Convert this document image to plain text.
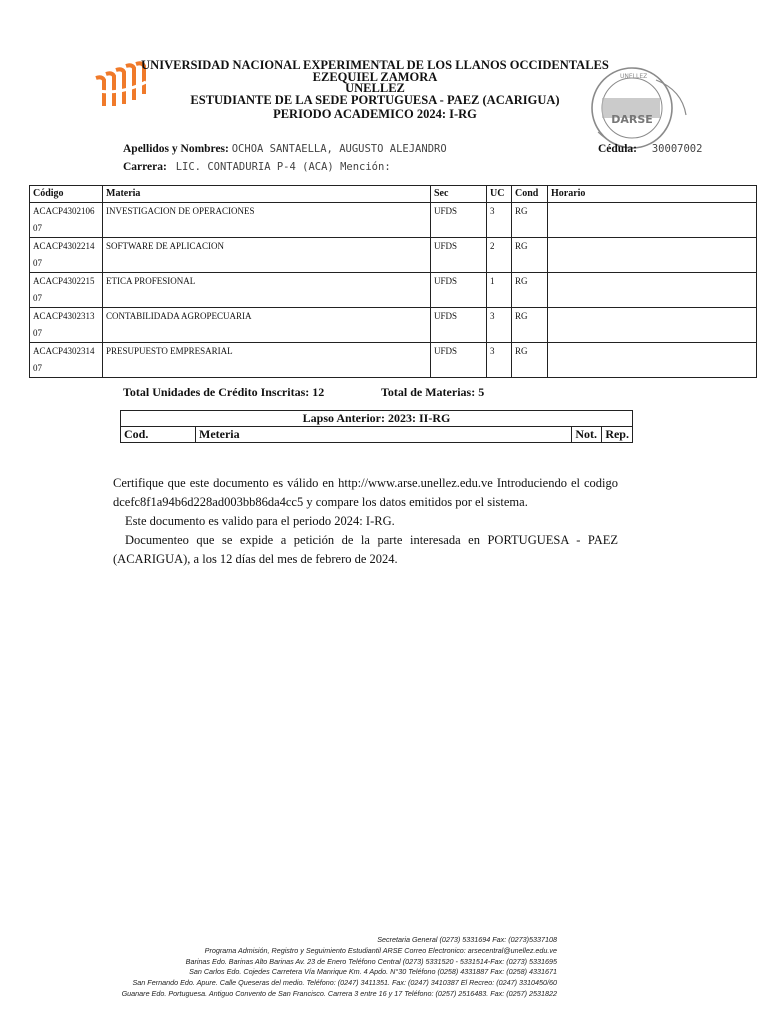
UNIVERSIDAD NACIONAL EXPERIMENTAL DE LOS LLANOS OCCIDENTALES
EZEQUIEL ZAMORA
UNELLEZ
ESTUDIANTE DE LA SEDE PORTUGUESA - PAEZ (ACARIGUA)
PERIODO ACADEMICO 2024: I-RG
UNELLEZ
DARSE
Apellidos y Nombres: OCHOA SANTAELLA, AUGUSTO ALEJANDRO	Cédula: 30007002
Carrera: LIC. CONTADURIA P-4 (ACA) Mención:
Código	Materia	Sec	UC	Cond	Horario
ACACP4302106
07	INVESTIGACION DE OPERACIONES	UFDS	3	RG	
ACACP4302214
07	SOFTWARE DE APLICACION	UFDS	2	RG	
ACACP4302215
07	ETICA PROFESIONAL	UFDS	1	RG	
ACACP4302313
07	CONTABILIDADA AGROPECUARIA	UFDS	3	RG	
ACACP4302314
07	PRESUPUESTO EMPRESARIAL	UFDS	3	RG	
Total Unidades de Crédito Inscritas: 12	Total de Materias: 5
Lapso Anterior: 2023: II-RG
Cod.	Meteria	Not.	Rep.

Certifique que este documento es válido en http://www.arse.unellez.edu.ve Introduciendo el codigo dcefc8f1a94b6d228ad003bb86da4cc5 y compare los datos emitidos por el sistema.

Este documento es valido para el periodo 2024: I-RG.

Documenteo que se expide a petición de la parte interesada en PORTUGUESA - PAEZ (ACARIGUA), a los 12 días del mes de febrero de 2024.

Secretaria General (0273) 5331694 Fax: (0273)5337108
Programa Admisión, Registro y Seguimiento Estudiantil ARSE Correo Electronico: arsecentral@unellez.edu.ve
Barinas Edo. Barinas Alto Barinas Av. 23 de Enero Teléfono Central (0273) 5331520 - 5331514-Fax: (0273) 5331695
San Carlos Edo. Cojedes Carretera Vía Manrique Km. 4 Apdo. N°30 Teléfono (0258) 4331887 Fax: (0258) 4331671
San Fernando Edo. Apure. Calle Queseras del medio. Teléfono: (0247) 3411351. Fax: (0247) 3410387 El Recreo: (0247) 3310450/60
Guanare Edo. Portuguesa. Antiguo Convento de San Francisco. Carrera 3 entre 16 y 17 Teléfono: (0257) 2516483. Fax: (0257) 2531822
